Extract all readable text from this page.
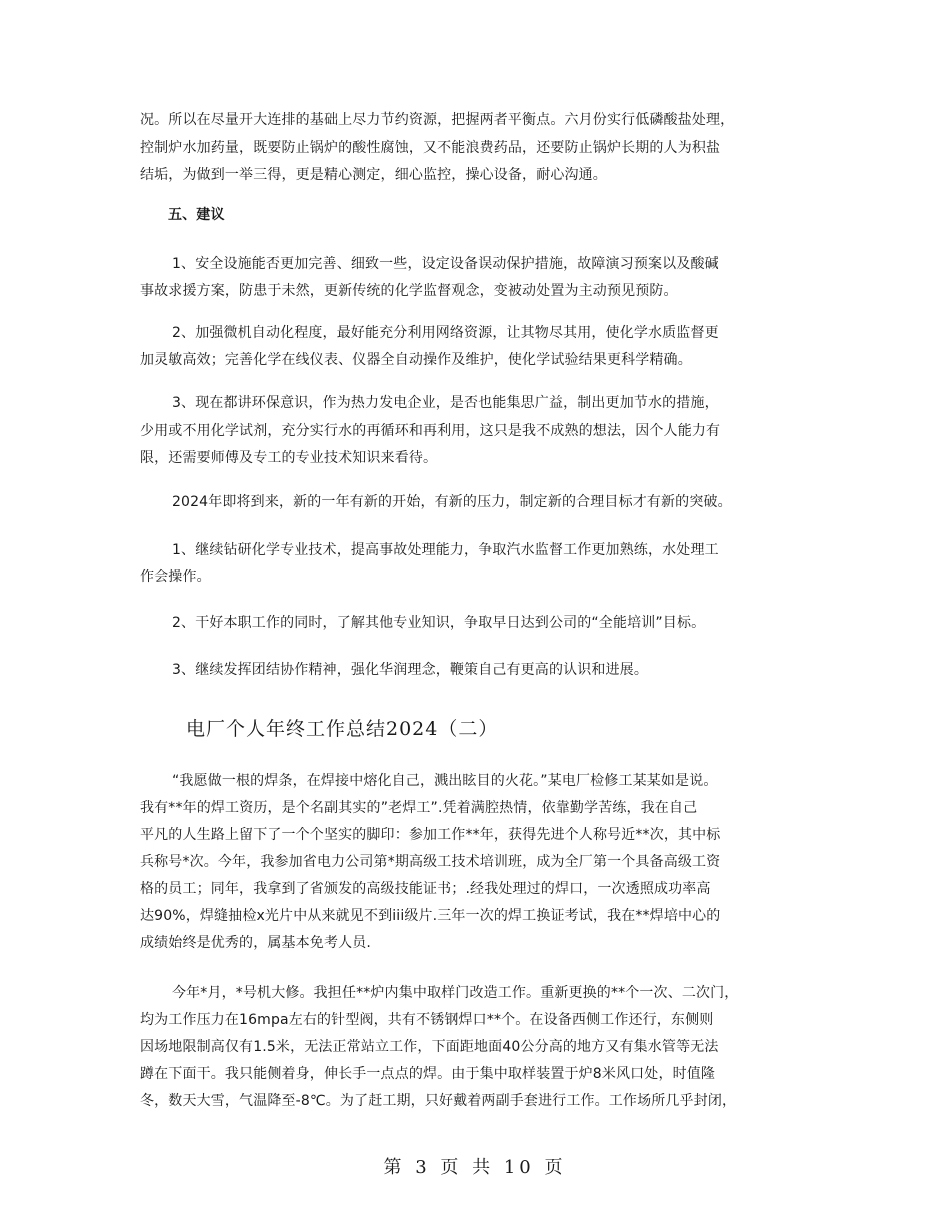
况。所以在尽量开大连排的基础上尽力节约资源，把握两者平衡点。六月份实行低磷酸盐处理，

控制炉水加药量，既要防止锅炉的酸性腐蚀，又不能浪费药品，还要防止锅炉长期的人为积盐

结垢，为做到一举三得，更是精心测定，细心监控，操心设备，耐心沟通。

五、建议

1、安全设施能否更加完善、细致一些，设定设备误动保护措施，故障演习预案以及酸碱

事故求援方案，防患于未然，更新传统的化学监督观念，变被动处置为主动预见预防。

2、加强微机自动化程度，最好能充分利用网络资源，让其物尽其用，使化学水质监督更

加灵敏高效；完善化学在线仪表、仪器全自动操作及维护，使化学试验结果更科学精确。

3、现在都讲环保意识，作为热力发电企业，是否也能集思广益，制出更加节水的措施，

少用或不用化学试剂，充分实行水的再循环和再利用，这只是我不成熟的想法，因个人能力有

限，还需要师傅及专工的专业技术知识来看待。

2024年即将到来，新的一年有新的开始，有新的压力，制定新的合理目标才有新的突破。

1、继续钻研化学专业技术，提高事故处理能力，争取汽水监督工作更加熟练，水处理工

作会操作。

2、干好本职工作的同时，了解其他专业知识，争取早日达到公司的“全能培训”目标。

3、继续发挥团结协作精神，强化华润理念，鞭策自己有更高的认识和进展。

电厂个人年终工作总结2024（二）

“我愿做一根的焊条，在焊接中熔化自己，溅出眩目的火花。”某电厂检修工某某如是说。

我有**年的焊工资历，是个名副其实的”老焊工”.凭着满腔热情，依靠勤学苦练，我在自己

平凡的人生路上留下了一个个坚实的脚印：参加工作**年，获得先进个人称号近**次，其中标

兵称号*次。今年，我参加省电力公司第*期高级工技术培训班，成为全厂第一个具备高级工资

格的员工；同年，我拿到了省颁发的高级技能证书；.经我处理过的焊口，一次透照成功率高

达90%，焊缝抽检x光片中从来就见不到iii级片.三年一次的焊工换证考试，我在**焊培中心的

成绩始终是优秀的，属基本免考人员.

今年*月，*号机大修。我担任**炉内集中取样门改造工作。重新更换的**个一次、二次门，

均为工作压力在16mpa左右的针型阀，共有不锈钢焊口**个。在设备西侧工作还行，东侧则

因场地限制高仅有1.5米，无法正常站立工作，下面距地面40公分高的地方又有集水管等无法

蹲在下面干。我只能侧着身，伸长手一点点的焊。由于集中取样装置于炉8米风口处，时值隆

冬，数天大雪，气温降至-8℃。为了赶工期，只好戴着两副手套进行工作。工作场所几乎封闭，

第 3 页 共 10 页
